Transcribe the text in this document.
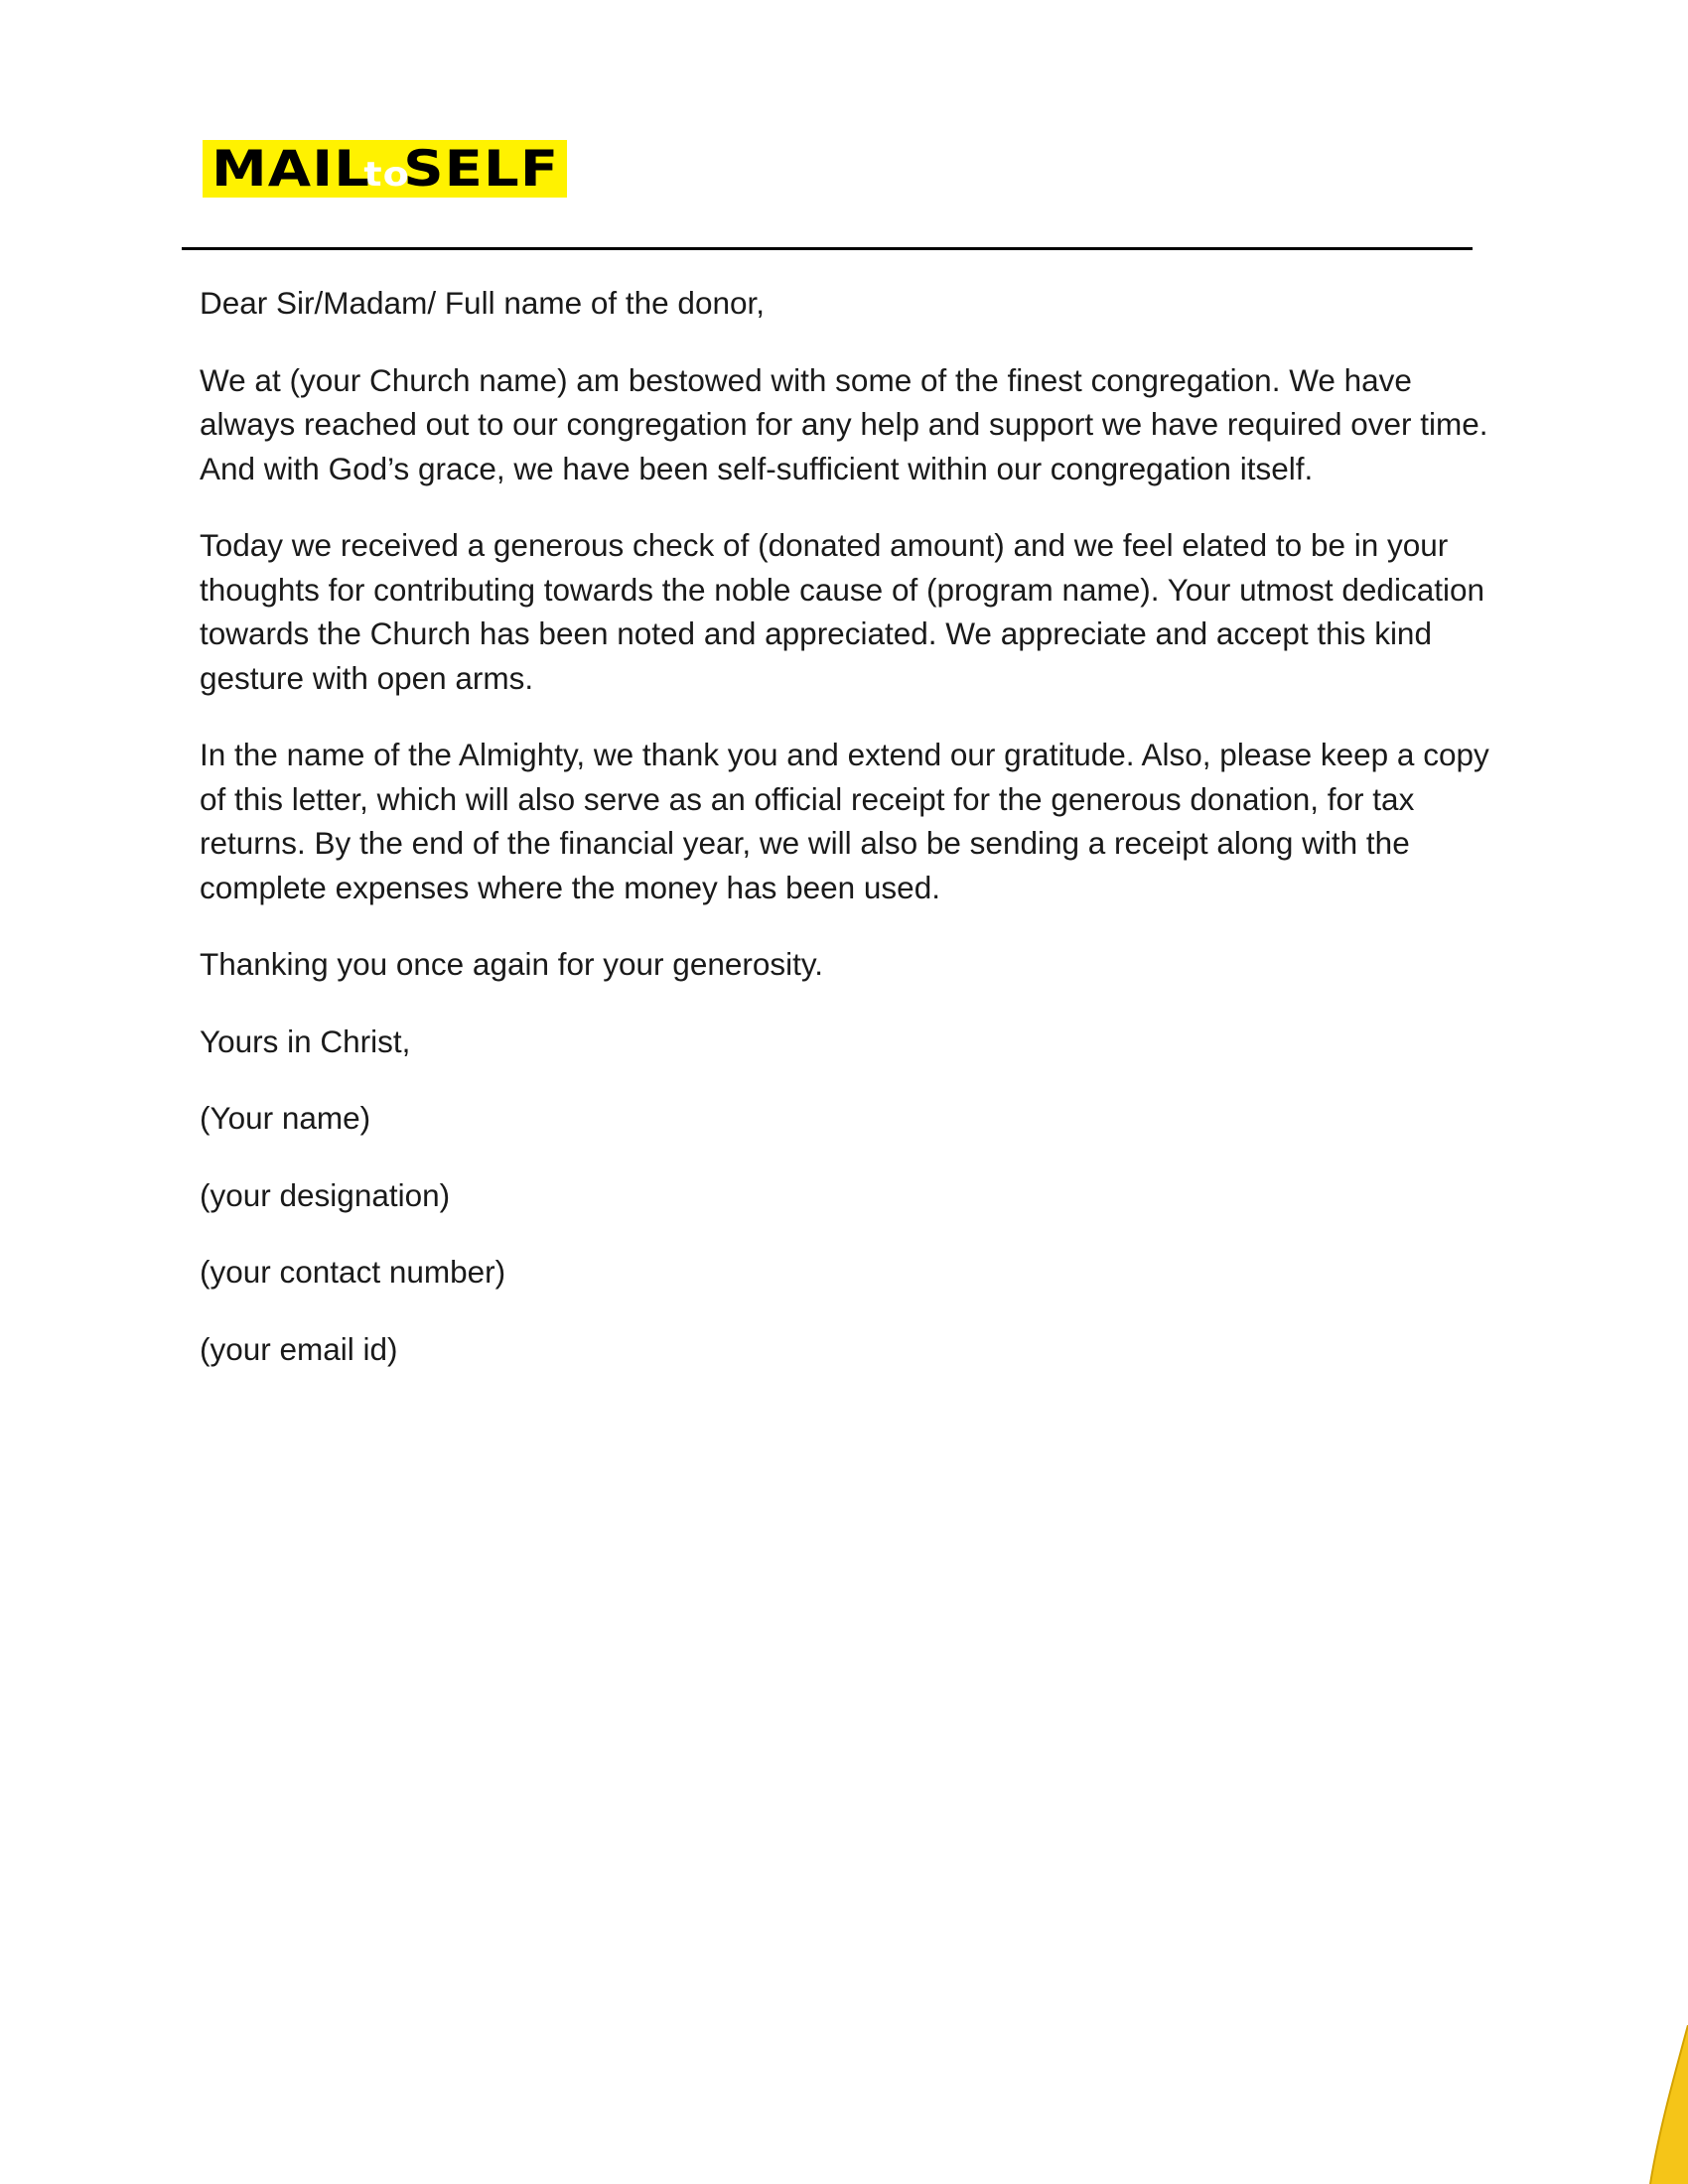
MAILtoSELF

Dear Sir/Madam/ Full name of the donor,

We at (your Church name) am bestowed with some of the finest congregation. We have always reached out to our congregation for any help and support we have required over time. And with God’s grace, we have been self-sufficient within our congregation itself.

Today we received a generous check of (donated amount) and we feel elated to be in your thoughts for contributing towards the noble cause of (program name). Your utmost dedication towards the Church has been noted and appreciated. We appreciate and accept this kind gesture with open arms.

In the name of the Almighty, we thank you and extend our gratitude. Also, please keep a copy of this letter, which will also serve as an official receipt for the generous donation, for tax returns. By the end of the financial year, we will also be sending a receipt along with the complete expenses where the money has been used.

Thanking you once again for your generosity.

Yours in Christ,

(Your name)

(your designation)

(your contact number)

(your email id)
